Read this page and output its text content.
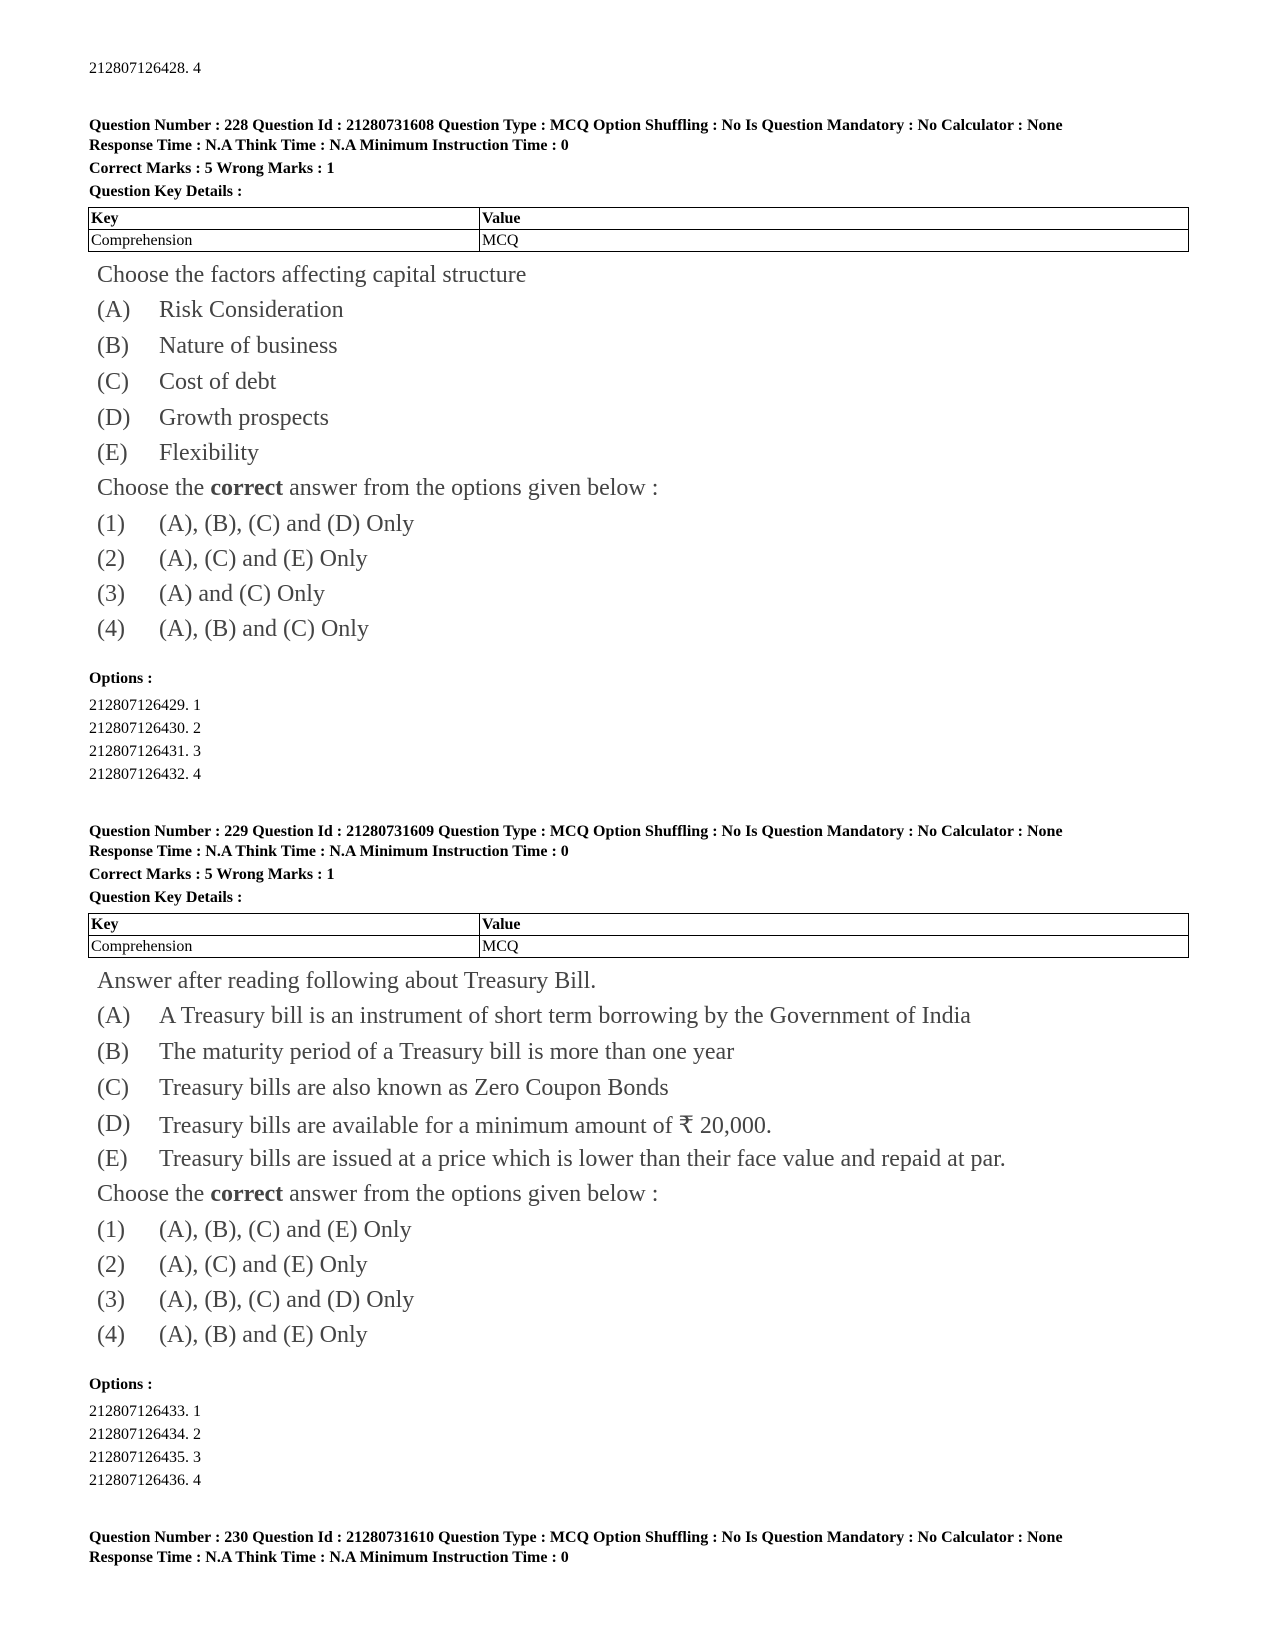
212807126428. 4
Question Number : 228 Question Id : 21280731608 Question Type : MCQ Option Shuffling : No Is Question Mandatory : No Calculator : None
Response Time : N.A Think Time : N.A Minimum Instruction Time : 0
Correct Marks : 5 Wrong Marks : 1
Question Key Details :
Key	Value
Comprehension	MCQ
Choose the factors affecting capital structure
(A) Risk Consideration
(B) Nature of business
(C) Cost of debt
(D) Growth prospects
(E) Flexibility
Choose the correct answer from the options given below :
(1) (A), (B), (C) and (D) Only
(2) (A), (C) and (E) Only
(3) (A) and (C) Only
(4) (A), (B) and (C) Only
Options :
212807126429. 1
212807126430. 2
212807126431. 3
212807126432. 4
Question Number : 229 Question Id : 21280731609 Question Type : MCQ Option Shuffling : No Is Question Mandatory : No Calculator : None
Response Time : N.A Think Time : N.A Minimum Instruction Time : 0
Correct Marks : 5 Wrong Marks : 1
Question Key Details :
Key	Value
Comprehension	MCQ
Answer after reading following about Treasury Bill.
(A) A Treasury bill is an instrument of short term borrowing by the Government of India
(B) The maturity period of a Treasury bill is more than one year
(C) Treasury bills are also known as Zero Coupon Bonds
(D) Treasury bills are available for a minimum amount of ₹ 20,000.
(E) Treasury bills are issued at a price which is lower than their face value and repaid at par.
Choose the correct answer from the options given below :
(1) (A), (B), (C) and (E) Only
(2) (A), (C) and (E) Only
(3) (A), (B), (C) and (D) Only
(4) (A), (B) and (E) Only
Options :
212807126433. 1
212807126434. 2
212807126435. 3
212807126436. 4
Question Number : 230 Question Id : 21280731610 Question Type : MCQ Option Shuffling : No Is Question Mandatory : No Calculator : None
Response Time : N.A Think Time : N.A Minimum Instruction Time : 0
